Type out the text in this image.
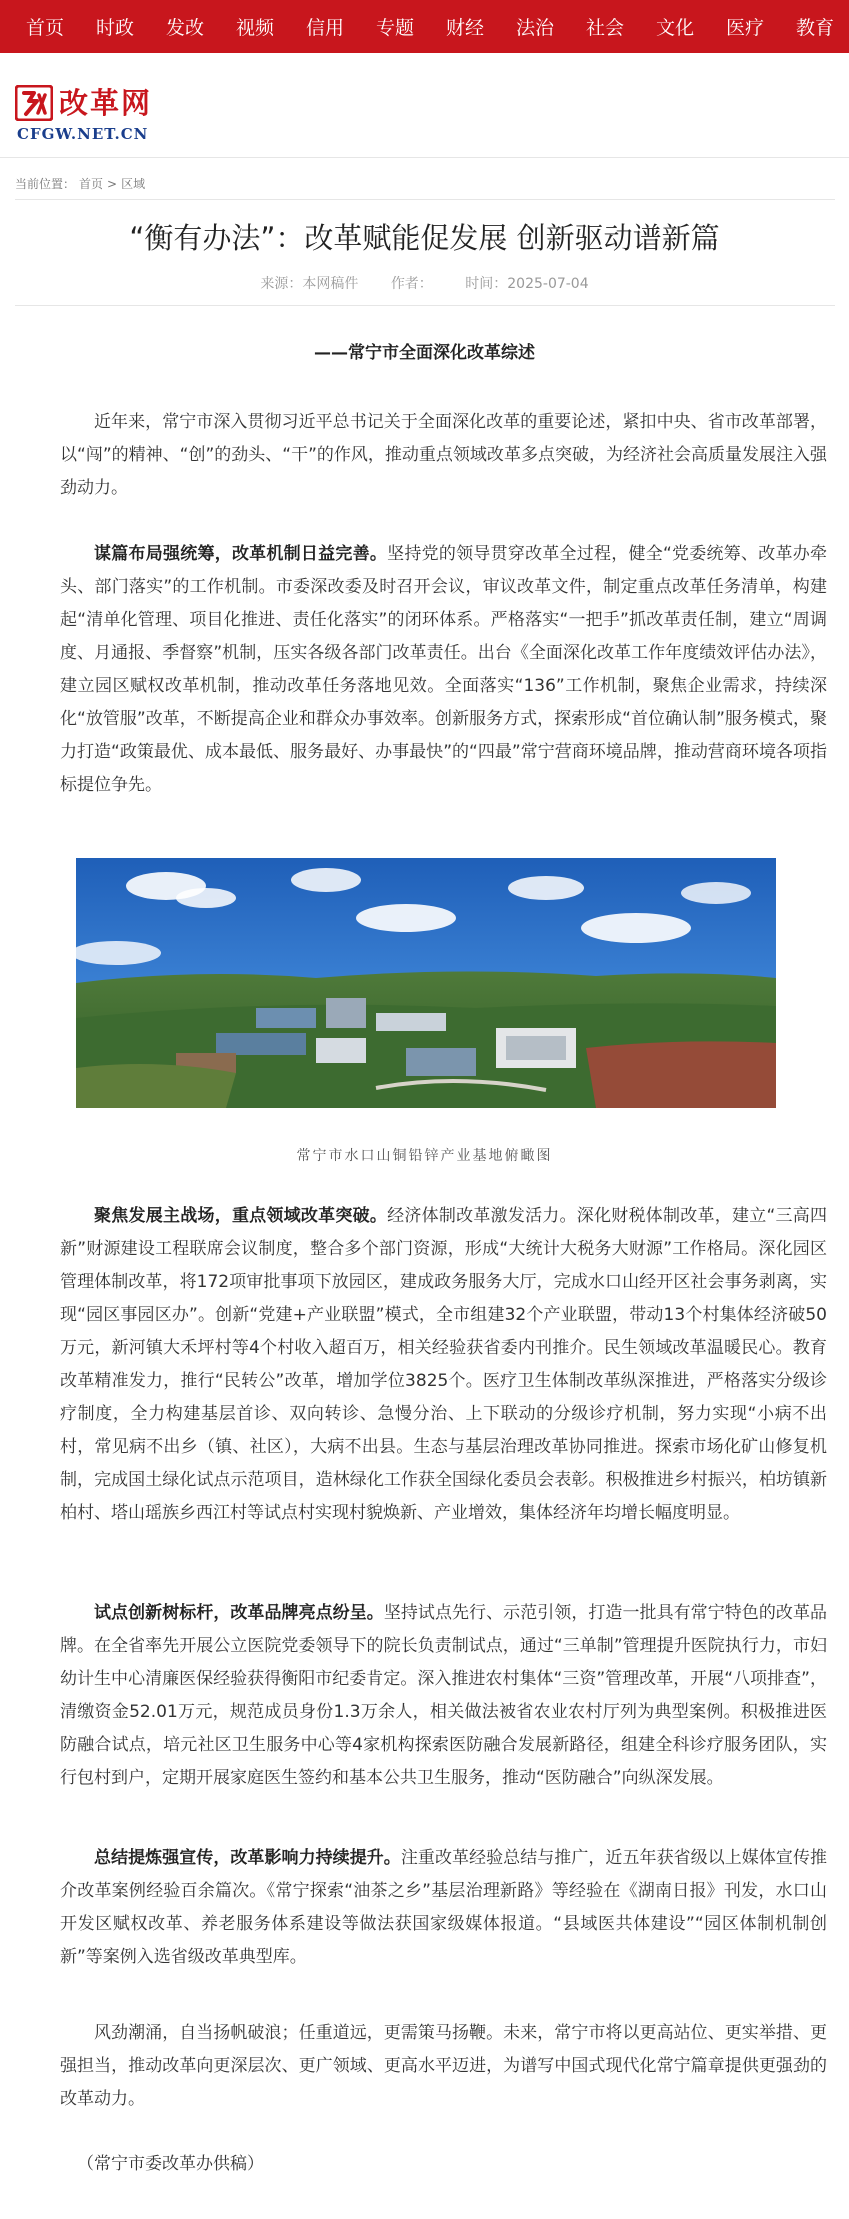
首页	时政	发改	视频	信用	专题	财经	法治	社会	文化	医疗	教育
改革网
CFGW.NET.CN
当前位置： 首页 > 区域
“衡有办法”：改革赋能促发展 创新驱动谱新篇
来源：本网稿件 作者： 时间：2025-07-04
——常宁市全面深化改革综述

近年来，常宁市深入贯彻习近平总书记关于全面深化改革的重要论述，紧扣中央、省市改革部署，以“闯”的精神、“创”的劲头、“干”的作风，推动重点领域改革多点突破，为经济社会高质量发展注入强劲动力。

谋篇布局强统筹，改革机制日益完善。坚持党的领导贯穿改革全过程，健全“党委统筹、改革办牵头、部门落实”的工作机制。市委深改委及时召开会议，审议改革文件，制定重点改革任务清单，构建起“清单化管理、项目化推进、责任化落实”的闭环体系。严格落实“一把手”抓改革责任制，建立“周调度、月通报、季督察”机制，压实各级各部门改革责任。出台《全面深化改革工作年度绩效评估办法》，建立园区赋权改革机制，推动改革任务落地见效。全面落实“136”工作机制，聚焦企业需求，持续深化“放管服”改革，不断提高企业和群众办事效率。创新服务方式，探索形成“首位确认制”服务模式，聚力打造“政策最优、成本最低、服务最好、办事最快”的“四最”常宁营商环境品牌，推动营商环境各项指标提位争先。

常宁市水口山铜铅锌产业基地俯瞰图

聚焦发展主战场，重点领域改革突破。经济体制改革激发活力。深化财税体制改革，建立“三高四新”财源建设工程联席会议制度，整合多个部门资源，形成“大统计大税务大财源”工作格局。深化园区管理体制改革，将172项审批事项下放园区，建成政务服务大厅，完成水口山经开区社会事务剥离，实现“园区事园区办”。创新“党建+产业联盟”模式，全市组建32个产业联盟，带动13个村集体经济破50万元，新河镇大禾坪村等4个村收入超百万，相关经验获省委内刊推介。民生领域改革温暖民心。教育改革精准发力，推行“民转公”改革，增加学位3825个。医疗卫生体制改革纵深推进，严格落实分级诊疗制度，全力构建基层首诊、双向转诊、急慢分治、上下联动的分级诊疗机制，努力实现“小病不出村，常见病不出乡（镇、社区），大病不出县。生态与基层治理改革协同推进。探索市场化矿山修复机制，完成国土绿化试点示范项目，造林绿化工作获全国绿化委员会表彰。积极推进乡村振兴，柏坊镇新柏村、塔山瑶族乡西江村等试点村实现村貌焕新、产业增效，集体经济年均增长幅度明显。

试点创新树标杆，改革品牌亮点纷呈。坚持试点先行、示范引领，打造一批具有常宁特色的改革品牌。在全省率先开展公立医院党委领导下的院长负责制试点，通过“三单制”管理提升医院执行力，市妇幼计生中心清廉医保经验获得衡阳市纪委肯定。深入推进农村集体“三资”管理改革，开展“八项排查”，清缴资金52.01万元，规范成员身份1.3万余人，相关做法被省农业农村厅列为典型案例。积极推进医防融合试点，培元社区卫生服务中心等4家机构探索医防融合发展新路径，组建全科诊疗服务团队，实行包村到户，定期开展家庭医生签约和基本公共卫生服务，推动“医防融合”向纵深发展。

总结提炼强宣传，改革影响力持续提升。注重改革经验总结与推广，近五年获省级以上媒体宣传推介改革案例经验百余篇次。《常宁探索“油茶之乡”基层治理新路》等经验在《湖南日报》刊发，水口山开发区赋权改革、养老服务体系建设等做法获国家级媒体报道。“县域医共体建设”“园区体制机制创新”等案例入选省级改革典型库。

风劲潮涌，自当扬帆破浪；任重道远，更需策马扬鞭。未来，常宁市将以更高站位、更实举措、更强担当，推动改革向更深层次、更广领域、更高水平迈进，为谱写中国式现代化常宁篇章提供更强劲的改革动力。

（常宁市委改革办供稿）
